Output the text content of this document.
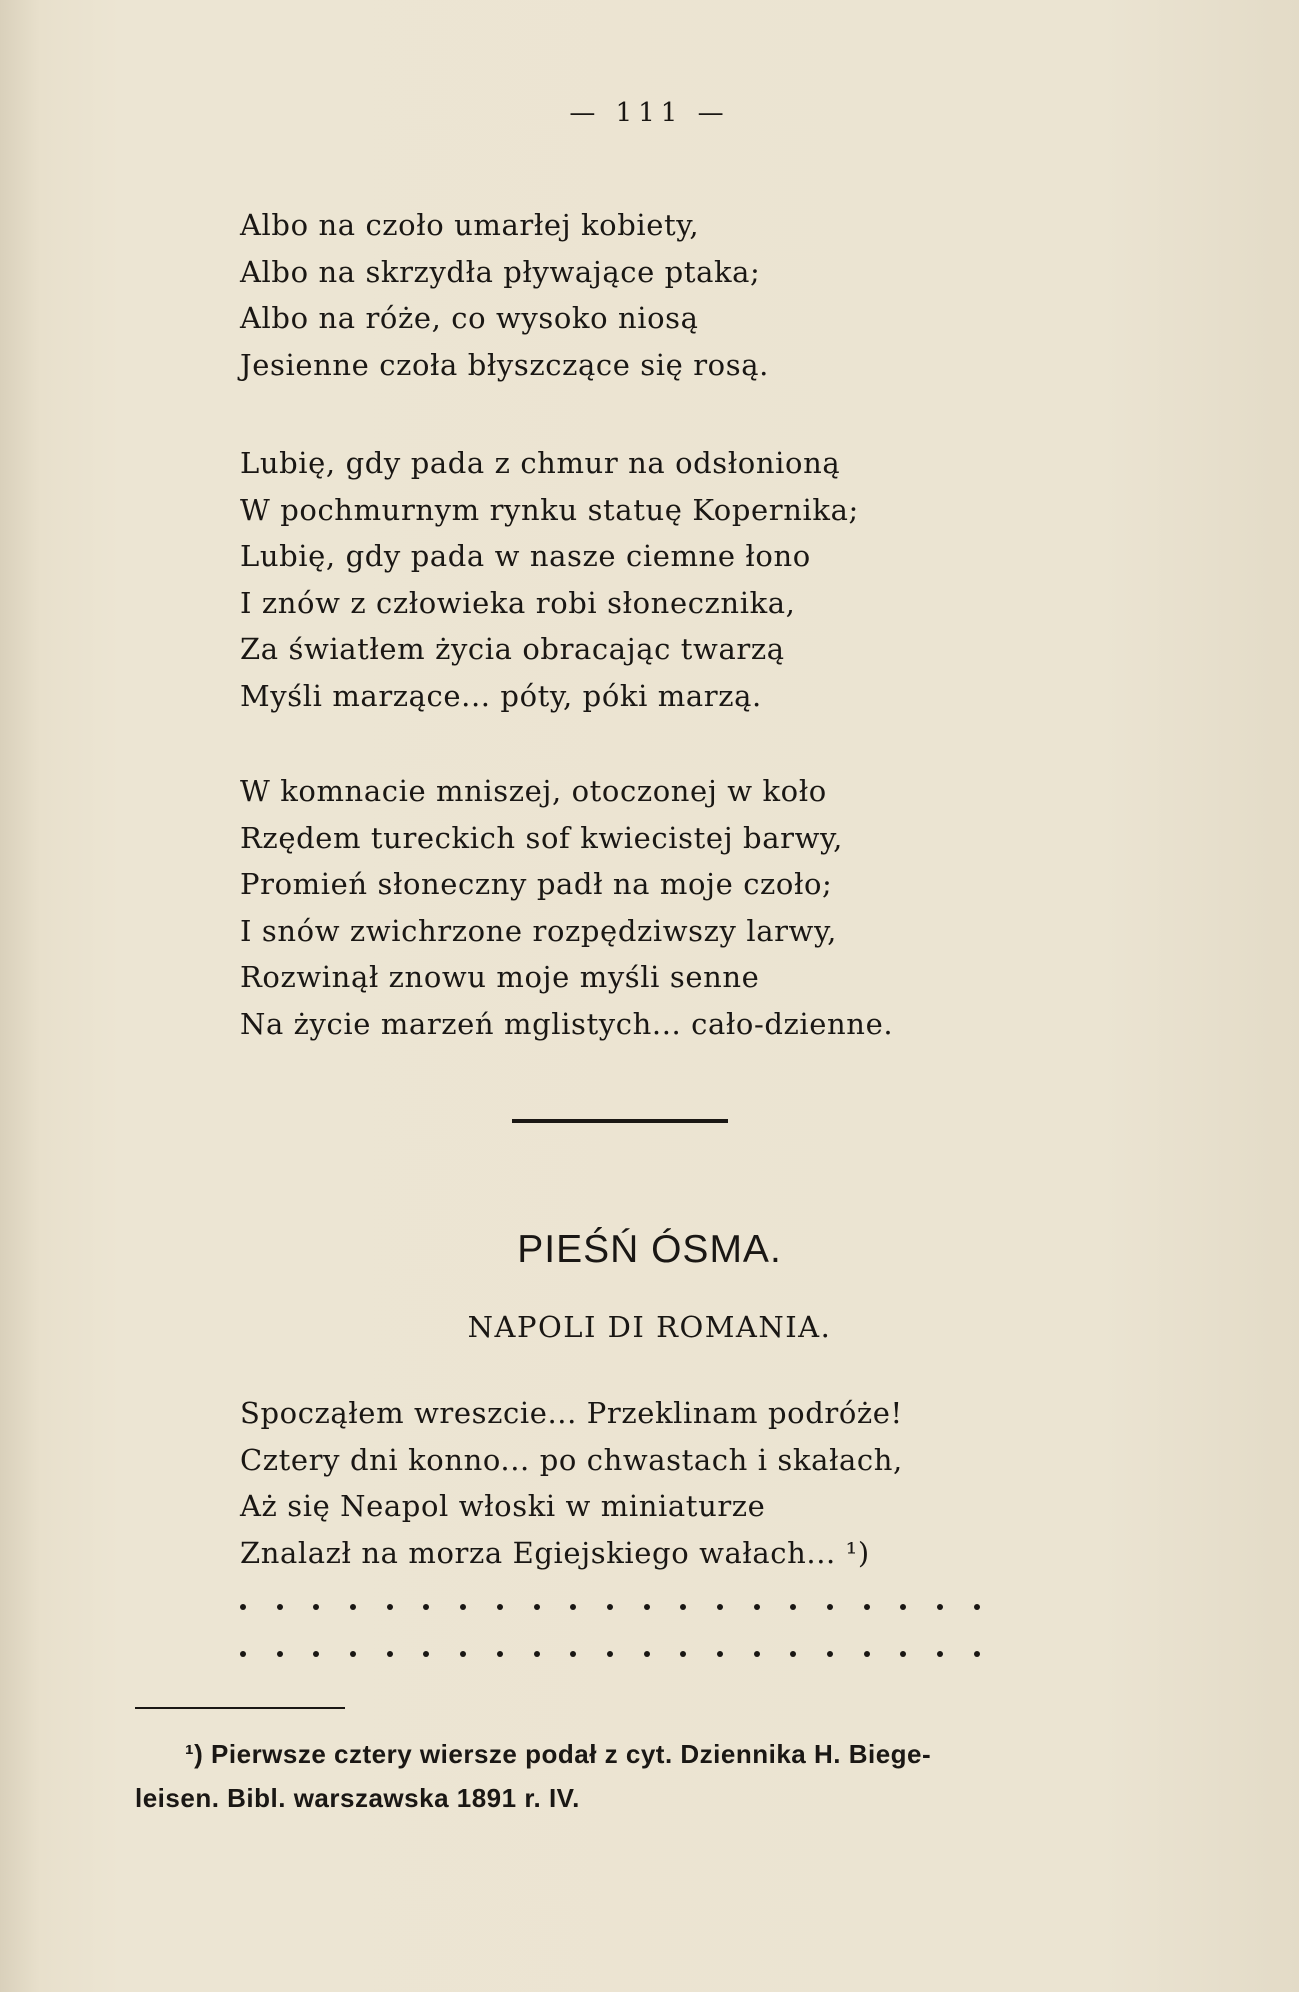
— 111 —
Albo na czoło umarłej kobiety,
Albo na skrzydła pływające ptaka;
Albo na róże, co wysoko niosą
Jesienne czoła błyszczące się rosą.
Lubię, gdy pada z chmur na odsłonioną
W pochmurnym rynku statuę Kopernika;
Lubię, gdy pada w nasze ciemne łono
I znów z człowieka robi słonecznika,
Za światłem życia obracając twarzą
Myśli marzące... póty, póki marzą.
W komnacie mniszej, otoczonej w koło
Rzędem tureckich sof kwiecistej barwy,
Promień słoneczny padł na moje czoło;
I snów zwichrzone rozpędziwszy larwy,
Rozwinął znowu moje myśli senne
Na życie marzeń mglistych... cało-dzienne.
PIEŚŃ ÓSMA.
NAPOLI DI ROMANIA.
Spocząłem wreszcie... Przeklinam podróże!
Cztery dni konno... po chwastach i skałach,
Aż się Neapol włoski w miniaturze
Znalazł na morza Egiejskiego wałach... ¹)
¹) Pierwsze cztery wiersze podał z cyt. Dziennika H. Biege-
leisen. Bibl. warszawska 1891 r. IV.
